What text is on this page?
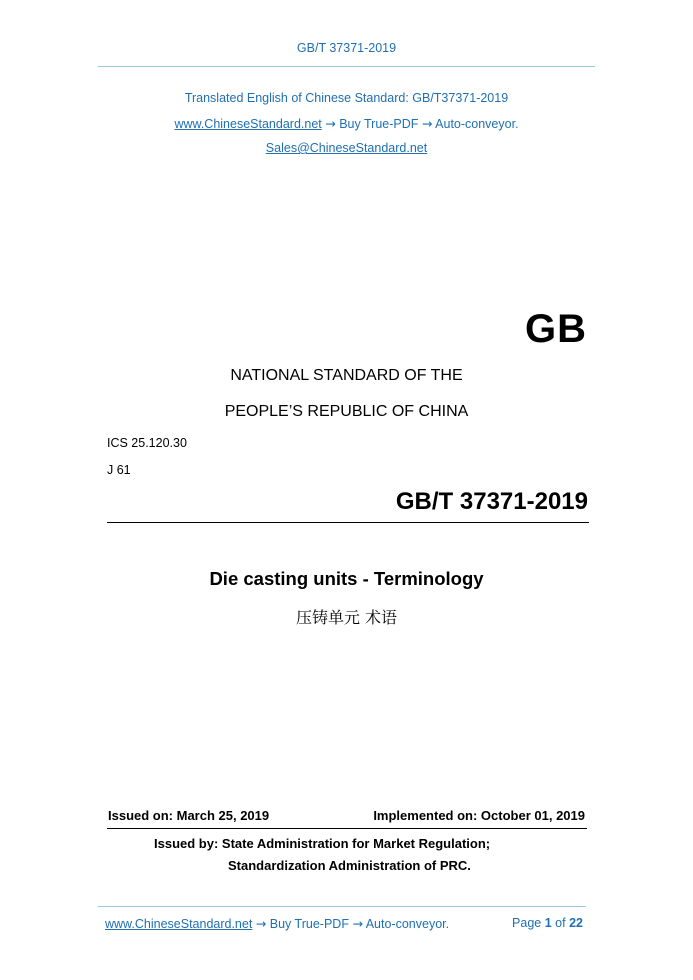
GB/T 37371-2019
Translated English of Chinese Standard: GB/T37371-2019
www.ChineseStandard.net → Buy True-PDF → Auto-conveyor.
Sales@ChineseStandard.net
GB
NATIONAL STANDARD OF THE
PEOPLE’S REPUBLIC OF CHINA
ICS 25.120.30
J 61
GB/T 37371-2019
Die casting units - Terminology
压铸单元 术语
Issued on: March 25, 2019	Implemented on: October 01, 2019
Issued by: State Administration for Market Regulation;
Standardization Administration of PRC.
www.ChineseStandard.net → Buy True-PDF → Auto-conveyor.	Page 1 of 22
